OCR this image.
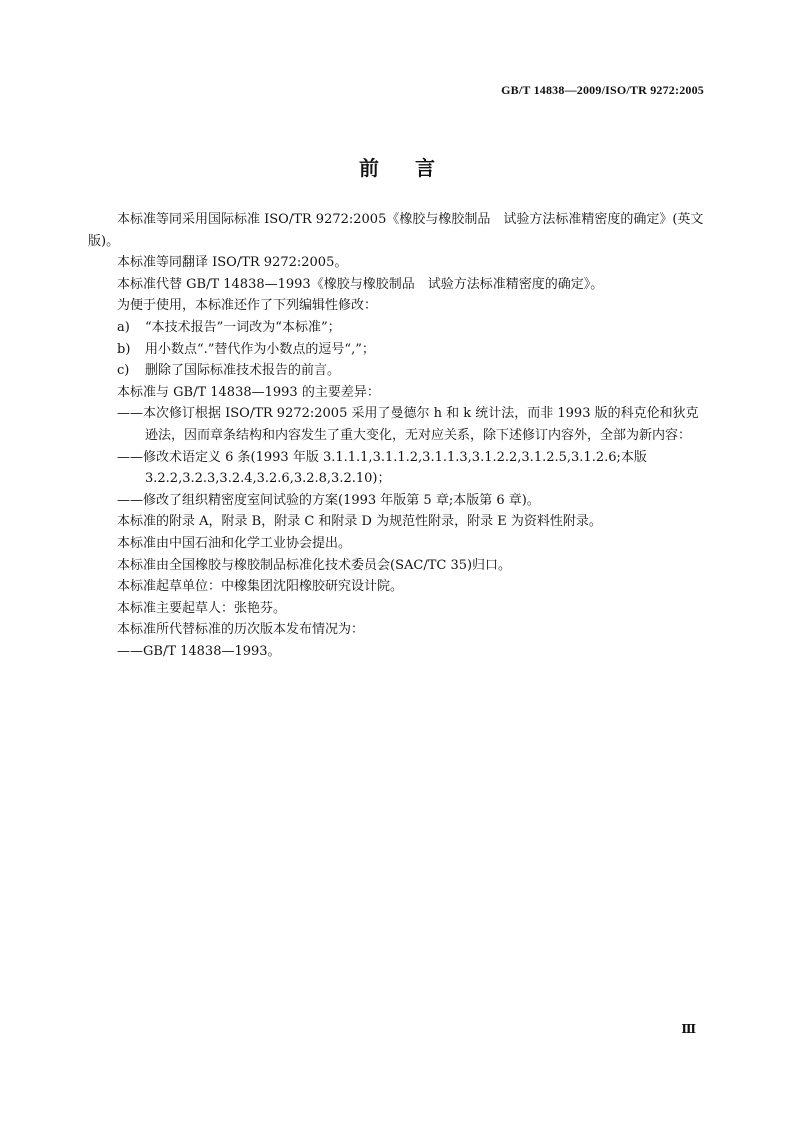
GB/T 14838—2009/ISO/TR 9272:2005
前言

本标准等同采用国际标准 ISO/TR 9272:2005《橡胶与橡胶制品　试验方法标准精密度的确定》(英文版)。

本标准等同翻译 ISO/TR 9272:2005。

本标准代替 GB/T 14838—1993《橡胶与橡胶制品　试验方法标准精密度的确定》。

为便于使用，本标准还作了下列编辑性修改：

a) “本技术报告”一词改为“本标准”；

b) 用小数点“.”替代作为小数点的逗号“,”；

c) 删除了国际标准技术报告的前言。

本标准与 GB/T 14838—1993 的主要差异：

——本次修订根据 ISO/TR 9272:2005 采用了曼德尔 h 和 k 统计法，而非 1993 版的科克伦和狄克
逊法，因而章条结构和内容发生了重大变化，无对应关系，除下述修订内容外，全部为新内容：

——修改术语定义 6 条(1993 年版 3.1.1.1,3.1.1.2,3.1.1.3,3.1.2.2,3.1.2.5,3.1.2.6;本版
3.2.2,3.2.3,3.2.4,3.2.6,3.2.8,3.2.10)；

——修改了组织精密度室间试验的方案(1993 年版第 5 章;本版第 6 章)。

本标准的附录 A，附录 B，附录 C 和附录 D 为规范性附录，附录 E 为资料性附录。

本标准由中国石油和化学工业协会提出。

本标准由全国橡胶与橡胶制品标准化技术委员会(SAC/TC 35)归口。

本标准起草单位：中橡集团沈阳橡胶研究设计院。

本标准主要起草人：张艳芬。

本标准所代替标准的历次版本发布情况为：

——GB/T 14838—1993。

Ⅲ
